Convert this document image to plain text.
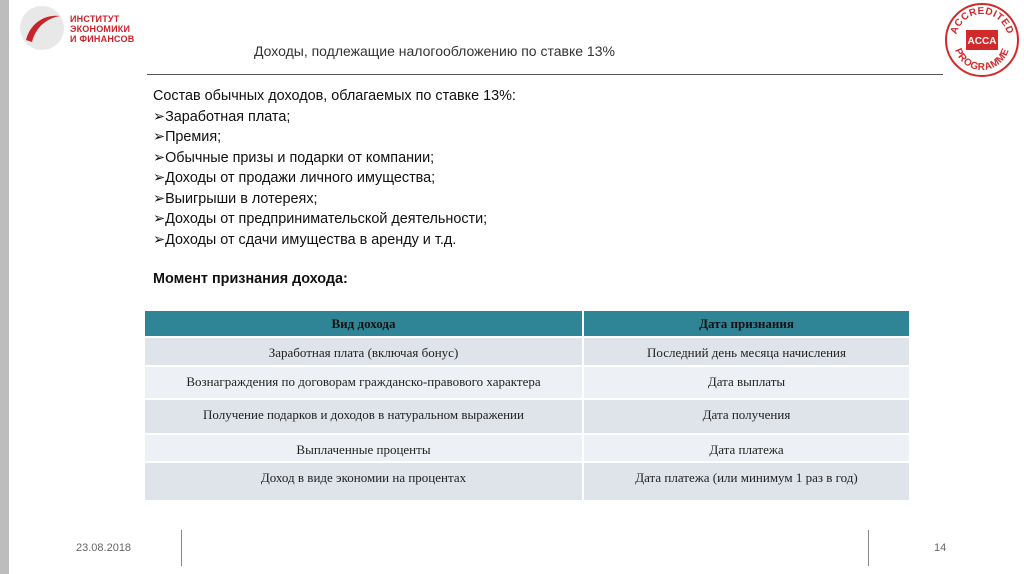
ИНСТИТУТ
ЭКОНОМИКИ
И ФИНАНСОВ
Доходы, подлежащие налогообложению по ставке 13%
ACCREDITED
PROGRAMME
ACCA
Состав обычных доходов, облагаемых по ставке 13%:
➢Заработная плата;
➢Премия;
➢Обычные призы и подарки от компании;
➢Доходы от продажи личного имущества;
➢Выигрыши в лотереях;
➢Доходы от предпринимательской деятельности;
➢Доходы от сдачи имущества в аренду и т.д.
Момент признания дохода:
Вид дохода	Дата признания
Заработная плата (включая бонус)	Последний день месяца начисления
Вознаграждения по договорам гражданско-правового характера	Дата выплаты
Получение подарков и доходов в натуральном выражении	Дата получения
Выплаченные проценты	Дата платежа
Доход в виде экономии на процентах	Дата платежа (или минимум 1 раз в год)
23.08.2018	14
